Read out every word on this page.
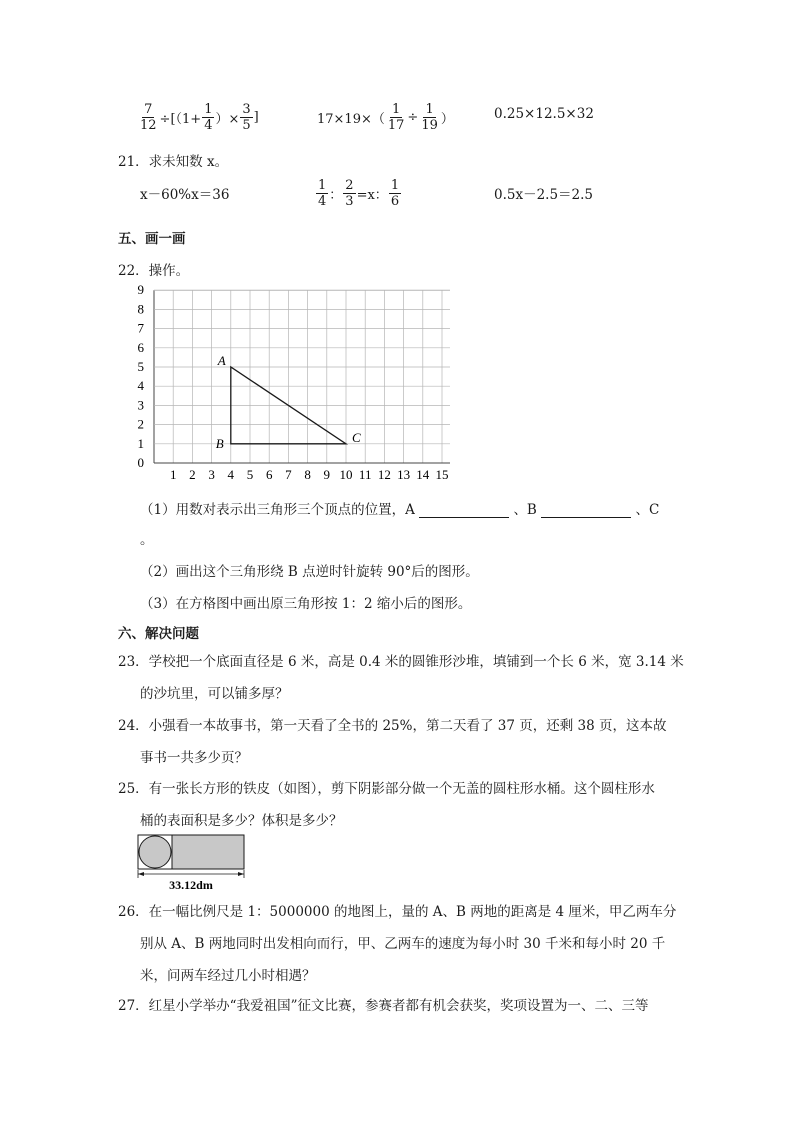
$\frac{7}{12} \div[(1+ \frac{1}{4}$ ）× $\frac{3}{5}$ ]	$17\times 19\times( \frac{1}{17} \div \frac{1}{19}$ ）	0.25×12.5×32
21．求未知数 x。
x－60%x＝36	$\frac{1}{4}$ ： $\frac{2}{3} =x$： $\frac{1}{6}$	0.5x－2.5＝2.5
五、画一画
22．操作。
0
1
2
3
4
5
6
7
8
9
1 2 3 4 5 6 7 8 9 10 11 12 13 14 15
A
B	C
（1）用数对表示出三角形三个顶点的位置，A	、B	、C
。
（2）画出这个三角形绕 B 点逆时针旋转 90°后的图形。
（3）在方格图中画出原三角形按 1：2 缩小后的图形。
六、解决问题
23．学校把一个底面直径是 6 米，高是 0.4 米的圆锥形沙堆，填铺到一个长 6 米，宽 3.14 米
的沙坑里，可以铺多厚？
24．小强看一本故事书，第一天看了全书的 25%，第二天看了 37 页，还剩 38 页，这本故
事书一共多少页？
25．有一张长方形的铁皮（如图），剪下阴影部分做一个无盖的圆柱形水桶。这个圆柱形水
桶的表面积是多少？体积是多少？
33.12dm
26．在一幅比例尺是 1：5000000 的地图上，量的 A、B 两地的距离是 4 厘米，甲乙两车分
别从 A、B 两地同时出发相向而行，甲、乙两车的速度为每小时 30 千米和每小时 20 千
米，问两车经过几小时相遇？
27．红星小学举办“我爱祖国”征文比赛，参赛者都有机会获奖，奖项设置为一、二、三等
